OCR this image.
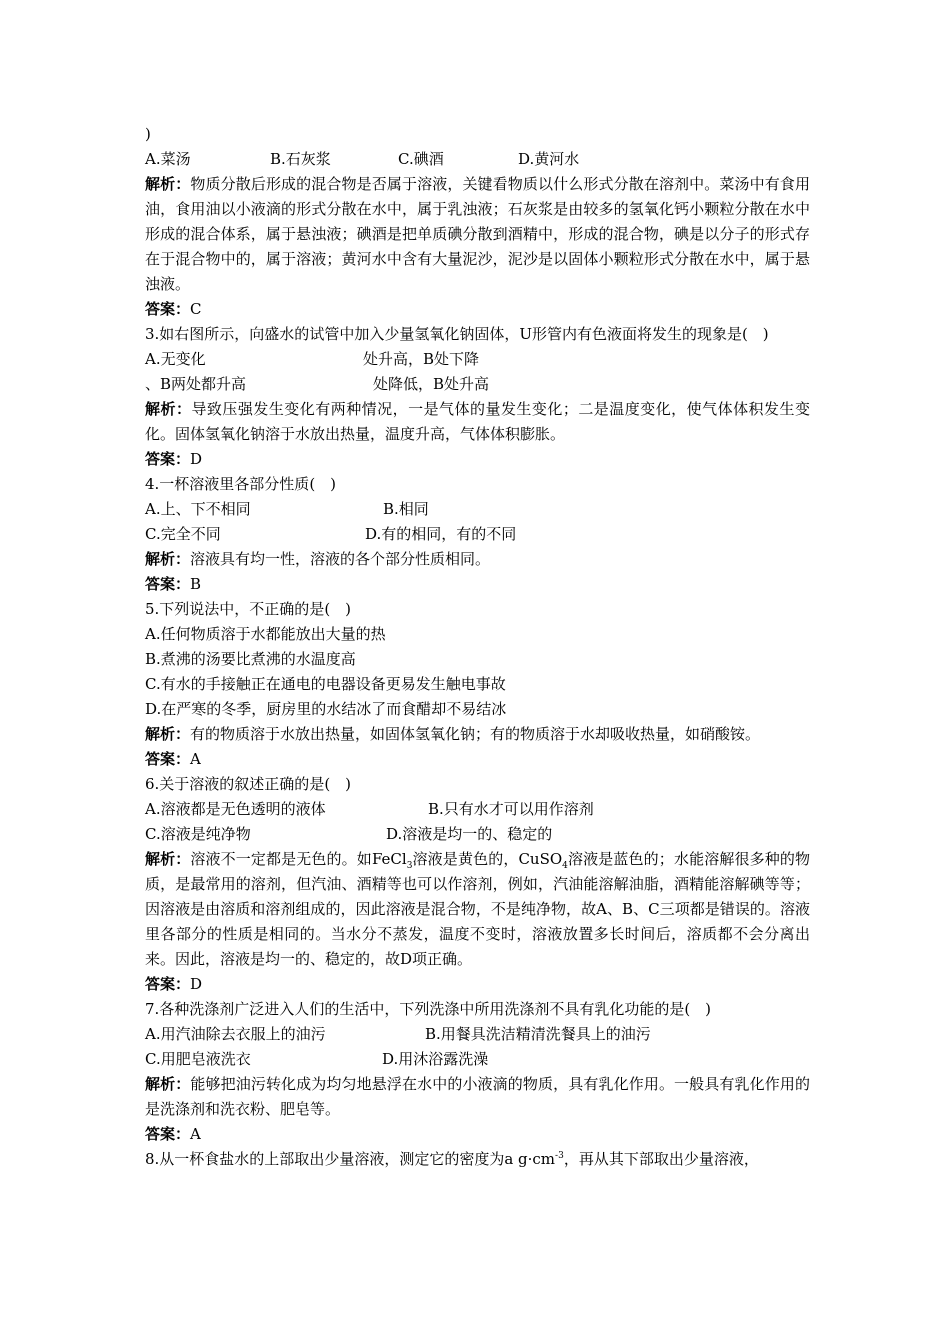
)
A.菜汤	B.石灰浆	C.碘酒	D.黄河水
解析：物质分散后形成的混合物是否属于溶液，关键看物质以什么形式分散在溶剂中。菜汤中有食用油，食用油以小液滴的形式分散在水中，属于乳浊液；石灰浆是由较多的氢氧化钙小颗粒分散在水中形成的混合体系，属于悬浊液；碘酒是把单质碘分散到酒精中，形成的混合物，碘是以分子的形式存在于混合物中的，属于溶液；黄河水中含有大量泥沙，泥沙是以固体小颗粒形式分散在水中，属于悬浊液。
答案：C
3.如右图所示，向盛水的试管中加入少量氢氧化钠固体，U形管内有色液面将发生的现象是(　)
A.无变化	处升高，B处下降
、B两处都升高	处降低，B处升高
解析：导致压强发生变化有两种情况，一是气体的量发生变化；二是温度变化，使气体体积发生变化。固体氢氧化钠溶于水放出热量，温度升高，气体体积膨胀。
答案：D
4.一杯溶液里各部分性质(　)
A.上、下不相同	B.相同
C.完全不同	D.有的相同，有的不同
解析：溶液具有均一性，溶液的各个部分性质相同。
答案：B
5.下列说法中，不正确的是(　)
A.任何物质溶于水都能放出大量的热
B.煮沸的汤要比煮沸的水温度高
C.有水的手接触正在通电的电器设备更易发生触电事故
D.在严寒的冬季，厨房里的水结冰了而食醋却不易结冰
解析：有的物质溶于水放出热量，如固体氢氧化钠；有的物质溶于水却吸收热量，如硝酸铵。
答案：A
6.关于溶液的叙述正确的是(　)
A.溶液都是无色透明的液体	B.只有水才可以用作溶剂
C.溶液是纯净物	D.溶液是均一的、稳定的
解析：溶液不一定都是无色的。如FeCl$_3$溶液是黄色的，CuSO$_4$溶液是蓝色的；水能溶解很多种的物质，是最常用的溶剂，但汽油、酒精等也可以作溶剂，例如，汽油能溶解油脂，酒精能溶解碘等等；因溶液是由溶质和溶剂组成的，因此溶液是混合物，不是纯净物，故A、B、C三项都是错误的。溶液里各部分的性质是相同的。当水分不蒸发，温度不变时，溶液放置多长时间后，溶质都不会分离出来。因此，溶液是均一的、稳定的，故D项正确。
答案：D
7.各种洗涤剂广泛进入人们的生活中，下列洗涤中所用洗涤剂不具有乳化功能的是(　)
A.用汽油除去衣服上的油污	B.用餐具洗洁精清洗餐具上的油污
C.用肥皂液洗衣	D.用沐浴露洗澡
解析：能够把油污转化成为均匀地悬浮在水中的小液滴的物质，具有乳化作用。一般具有乳化作用的是洗涤剂和洗衣粉、肥皂等。
答案：A
8.从一杯食盐水的上部取出少量溶液，测定它的密度为a $g\cdot cm^{-3}$，再从其下部取出少量溶液，
